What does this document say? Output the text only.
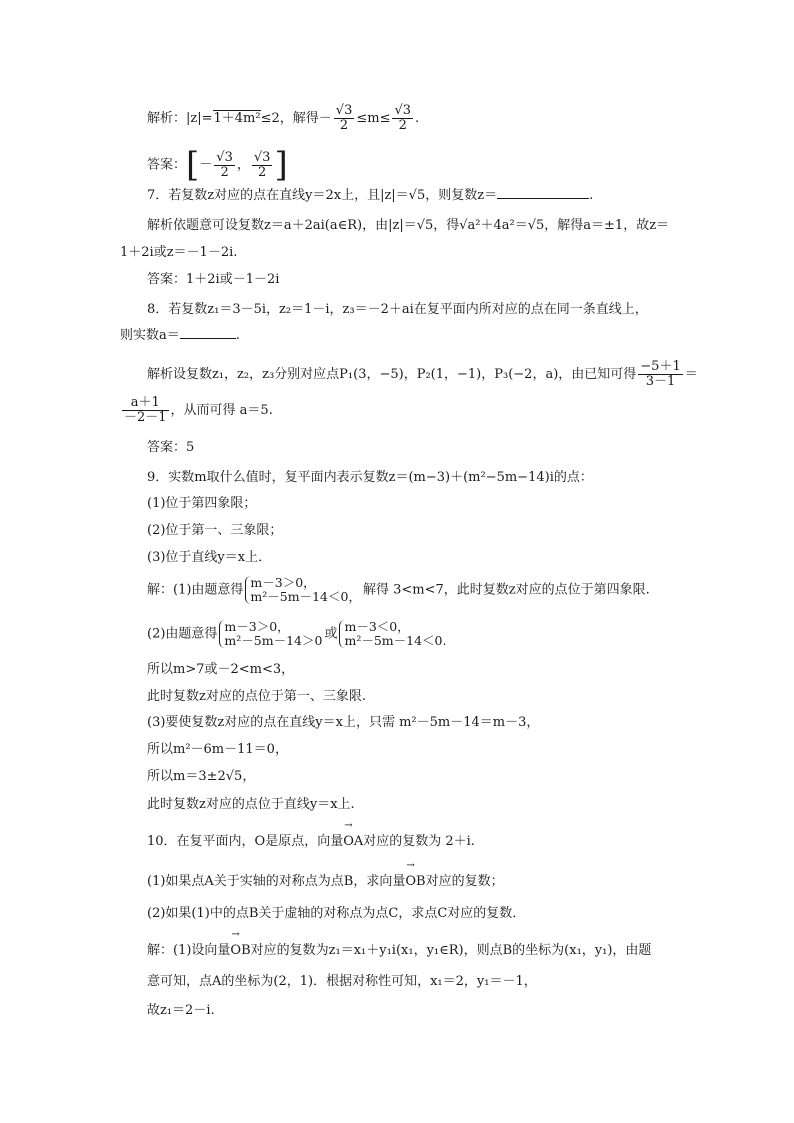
解析：|z|=1＋4m²≤2，解得－ $\frac{√3}{2} \le m\le \frac{√3}{2}$ .
答案：[－ $\frac{√3}{2}$ ， $\frac{√3}{2}$ ]
7．若复数z对应的点在直线y＝2x上，且|z|＝√5，则复数z＝	.
解析依题意可设复数z＝a＋2ai(a∈R)，由|z|＝√5，得√a²＋4a²＝√5，解得a＝±1，故z＝
1＋2i或z＝－1－2i.
答案：1＋2i或－1－2i
8．若复数z₁＝3－5i，z₂＝1－i，z₃＝－2＋ai在复平面内所对应的点在同一条直线上，
则实数a＝	.
解析设复数z₁，z₂，z₃分别对应点P₁(3，−5)，P₂(1，−1)，P₃(−2，a)，由已知可得 $\frac{-5+1}{3-1}$ ＝
$\frac{a+1}{-2-1}$ ，从而可得 a＝5.
答案：5
9．实数m取什么值时，复平面内表示复数z＝(m−3)＋(m²−5m−14)i的点：
(1)位于第四象限；
(2)位于第一、三象限；
(3)位于直线y＝x上．
解：(1)由题意得 m－3＞0，
m²－5m－14＜0， 解得 3<m<7，此时复数z对应的点位于第四象限.
(2)由题意得 m－3＞0，
m²－5m－14＞0 或 m－3＜0，
m²－5m－14＜0.
所以m>7或－2<m<3，
此时复数z对应的点位于第一、三象限.
(3)要使复数z对应的点在直线y＝x上，只需 m²－5m－14＝m－3，
所以m²－6m－11＝0，
所以m＝3±2√5，
此时复数z对应的点位于直线y＝x上.
10．在复平面内，O是原点，向量→ OA对应的复数为 2＋i.
(1)如果点A关于实轴的对称点为点B，求向量→ OB对应的复数；
(2)如果(1)中的点B关于虚轴的对称点为点C，求点C对应的复数．
解：(1)设向量→ OB对应的复数为z₁＝x₁＋y₁i(x₁，y₁∈R)，则点B的坐标为(x₁，y₁)，由题
意可知，点A的坐标为(2，1)．根据对称性可知，x₁＝2，y₁＝－1，
故z₁＝2－i.
